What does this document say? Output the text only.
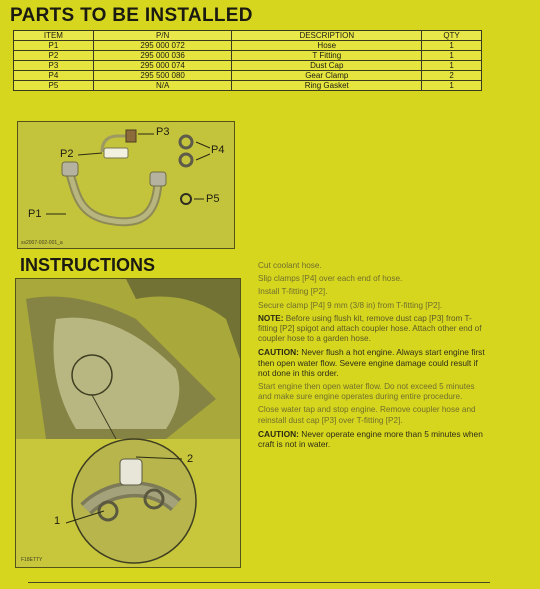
PARTS TO BE INSTALLED
ITEM	P/N	DESCRIPTION	QTY
P1	295 000 072	Hose	1
P2	295 000 036	T Fitting	1
P3	295 000 074	Dust Cap	1
P4	295 500 080	Gear Clamp	2
P5	N/A	Ring Gasket	1
P3
P2	P4
P5
P1
ss2007-002-001_a
INSTRUCTIONS
2
1
F18ETTY

Cut coolant hose.

Slip clamps [P4] over each end of hose.

Install T-fitting [P2].

Secure clamp [P4] 9 mm (3/8 in) from T-fitting [P2].

NOTE: Before using flush kit, remove dust cap [P3] from T-fitting [P2] spigot and attach coupler hose. Attach other end of coupler hose to a garden hose.

CAUTION: Never flush a hot engine. Always start engine first then open water flow. Severe engine damage could result if not done in this order.

Start engine then open water flow. Do not exceed 5 minutes and make sure engine operates during entire procedure.

Close water tap and stop engine. Remove coupler hose and reinstall dust cap [P3] over T-fitting [P2].

CAUTION: Never operate engine more than 5 minutes when craft is not in water.
